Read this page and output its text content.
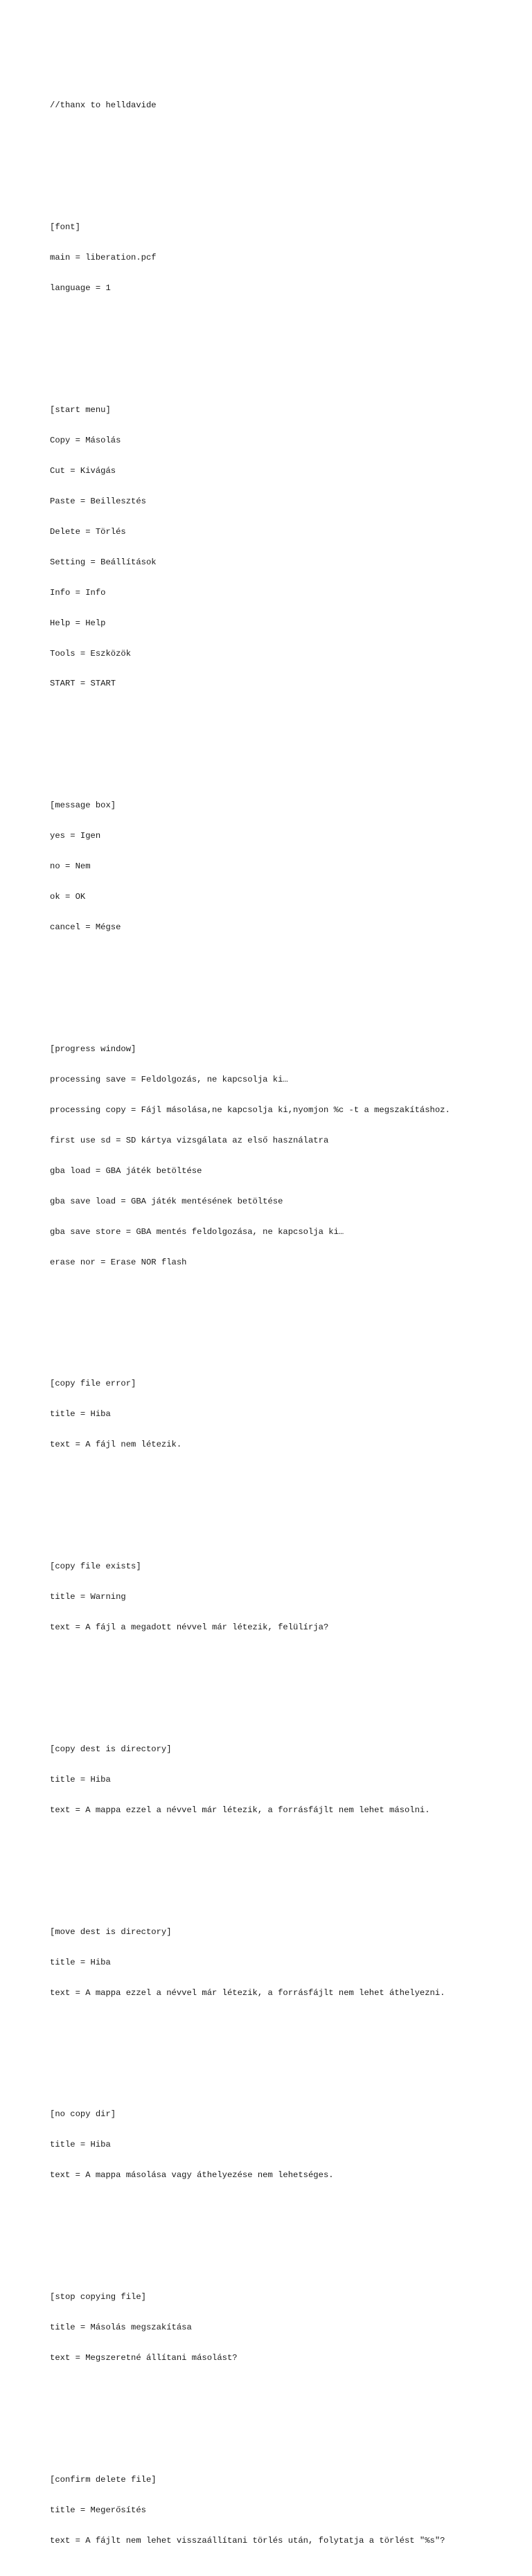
//thanx to helldavide

[font]

main = liberation.pcf

language = 1

[start menu]

Copy = Másolás

Cut = Kivágás

Paste = Beillesztés

Delete = Törlés

Setting = Beállítások

Info = Info

Help = Help

Tools = Eszközök

START = START

[message box]

yes = Igen

no = Nem

ok = OK

cancel = Mégse

[progress window]

processing save = Feldolgozás, ne kapcsolja ki…

processing copy = Fájl másolása,ne kapcsolja ki,nyomjon %c -t a megszakításhoz.

first use sd = SD kártya vizsgálata az első használatra

gba load = GBA játék betöltése

gba save load = GBA játék mentésének betöltése

gba save store = GBA mentés feldolgozása, ne kapcsolja ki…

erase nor = Erase NOR flash

[copy file error]

title = Hiba

text = A fájl nem létezik.

[copy file exists]

title = Warning

text = A fájl a megadott névvel már létezik, felülírja?

[copy dest is directory]

title = Hiba

text = A mappa ezzel a névvel már létezik, a forrásfájlt nem lehet másolni.

[move dest is directory]

title = Hiba

text = A mappa ezzel a névvel már létezik, a forrásfájlt nem lehet áthelyezni.

[no copy dir]

title = Hiba

text = A mappa másolása vagy áthelyezése nem lehetséges.

[stop copying file]

title = Másolás megszakítása

text = Megszeretné állítani másolást?

[confirm delete file]

title = Megerősítés

text = A fájlt nem lehet visszaállítani törlés után, folytatja a törlést "%s"?
